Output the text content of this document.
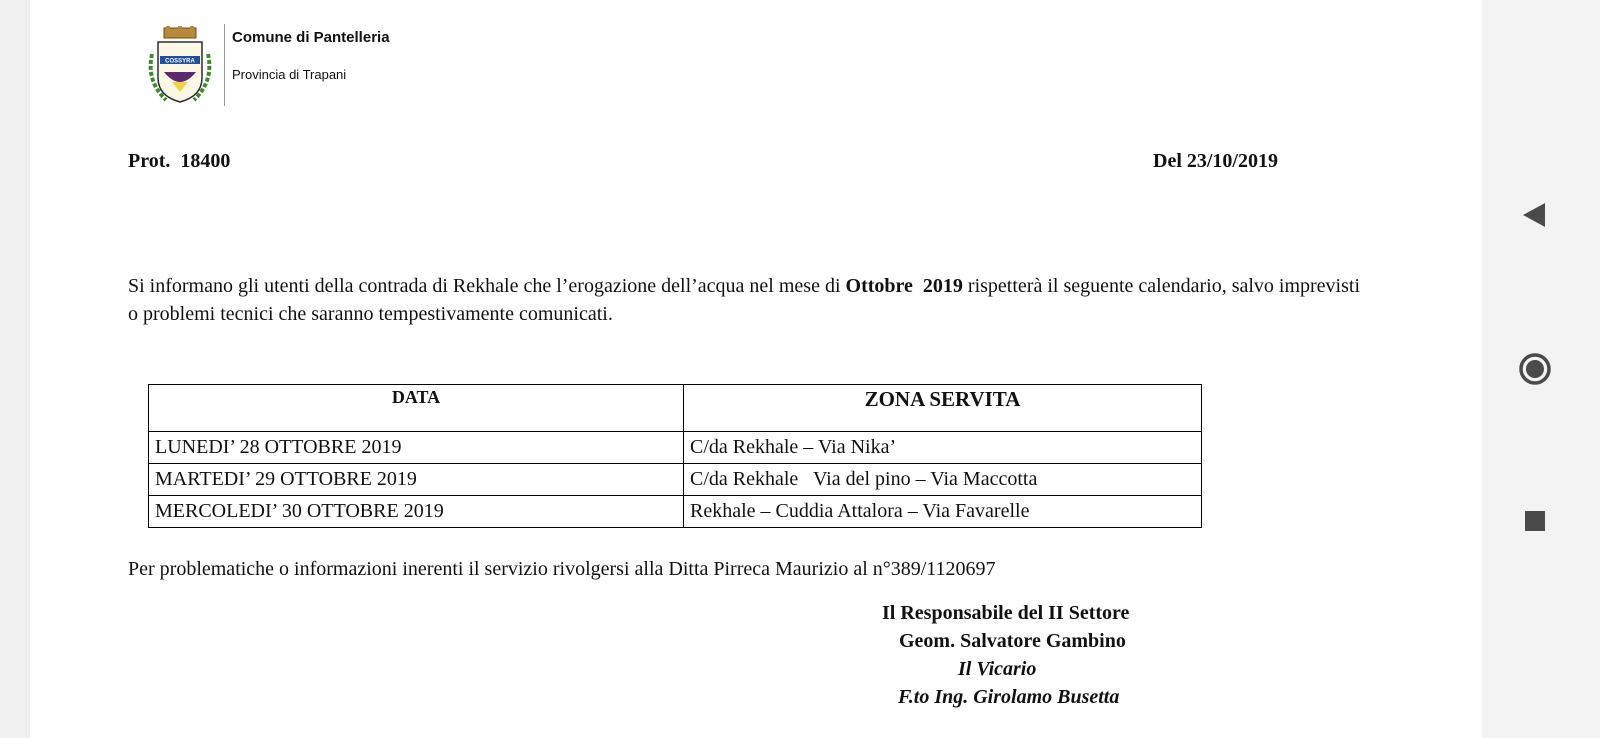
COSSYRA
Comune di Pantelleria
Provincia di Trapani
Prot.  18400	Del 23/10/2019
Si informano gli utenti della contrada di Rekhale che l’erogazione dell’acqua nel mese di Ottobre  2019 rispetterà il seguente calendario, salvo imprevisti o problemi tecnici che saranno tempestivamente comunicati.
DATA	ZONA SERVITA
LUNEDI’ 28 OTTOBRE 2019	C/da Rekhale – Via Nika’
MARTEDI’ 29 OTTOBRE 2019	C/da Rekhale   Via del pino – Via Maccotta
MERCOLEDI’ 30 OTTOBRE 2019	Rekhale – Cuddia Attalora – Via Favarelle
Per problematiche o informazioni inerenti il servizio rivolgersi alla Ditta Pirreca Maurizio al n°389/1120697
Il Responsabile del II Settore
Geom. Salvatore Gambino
Il Vicario
F.to Ing. Girolamo Busetta
